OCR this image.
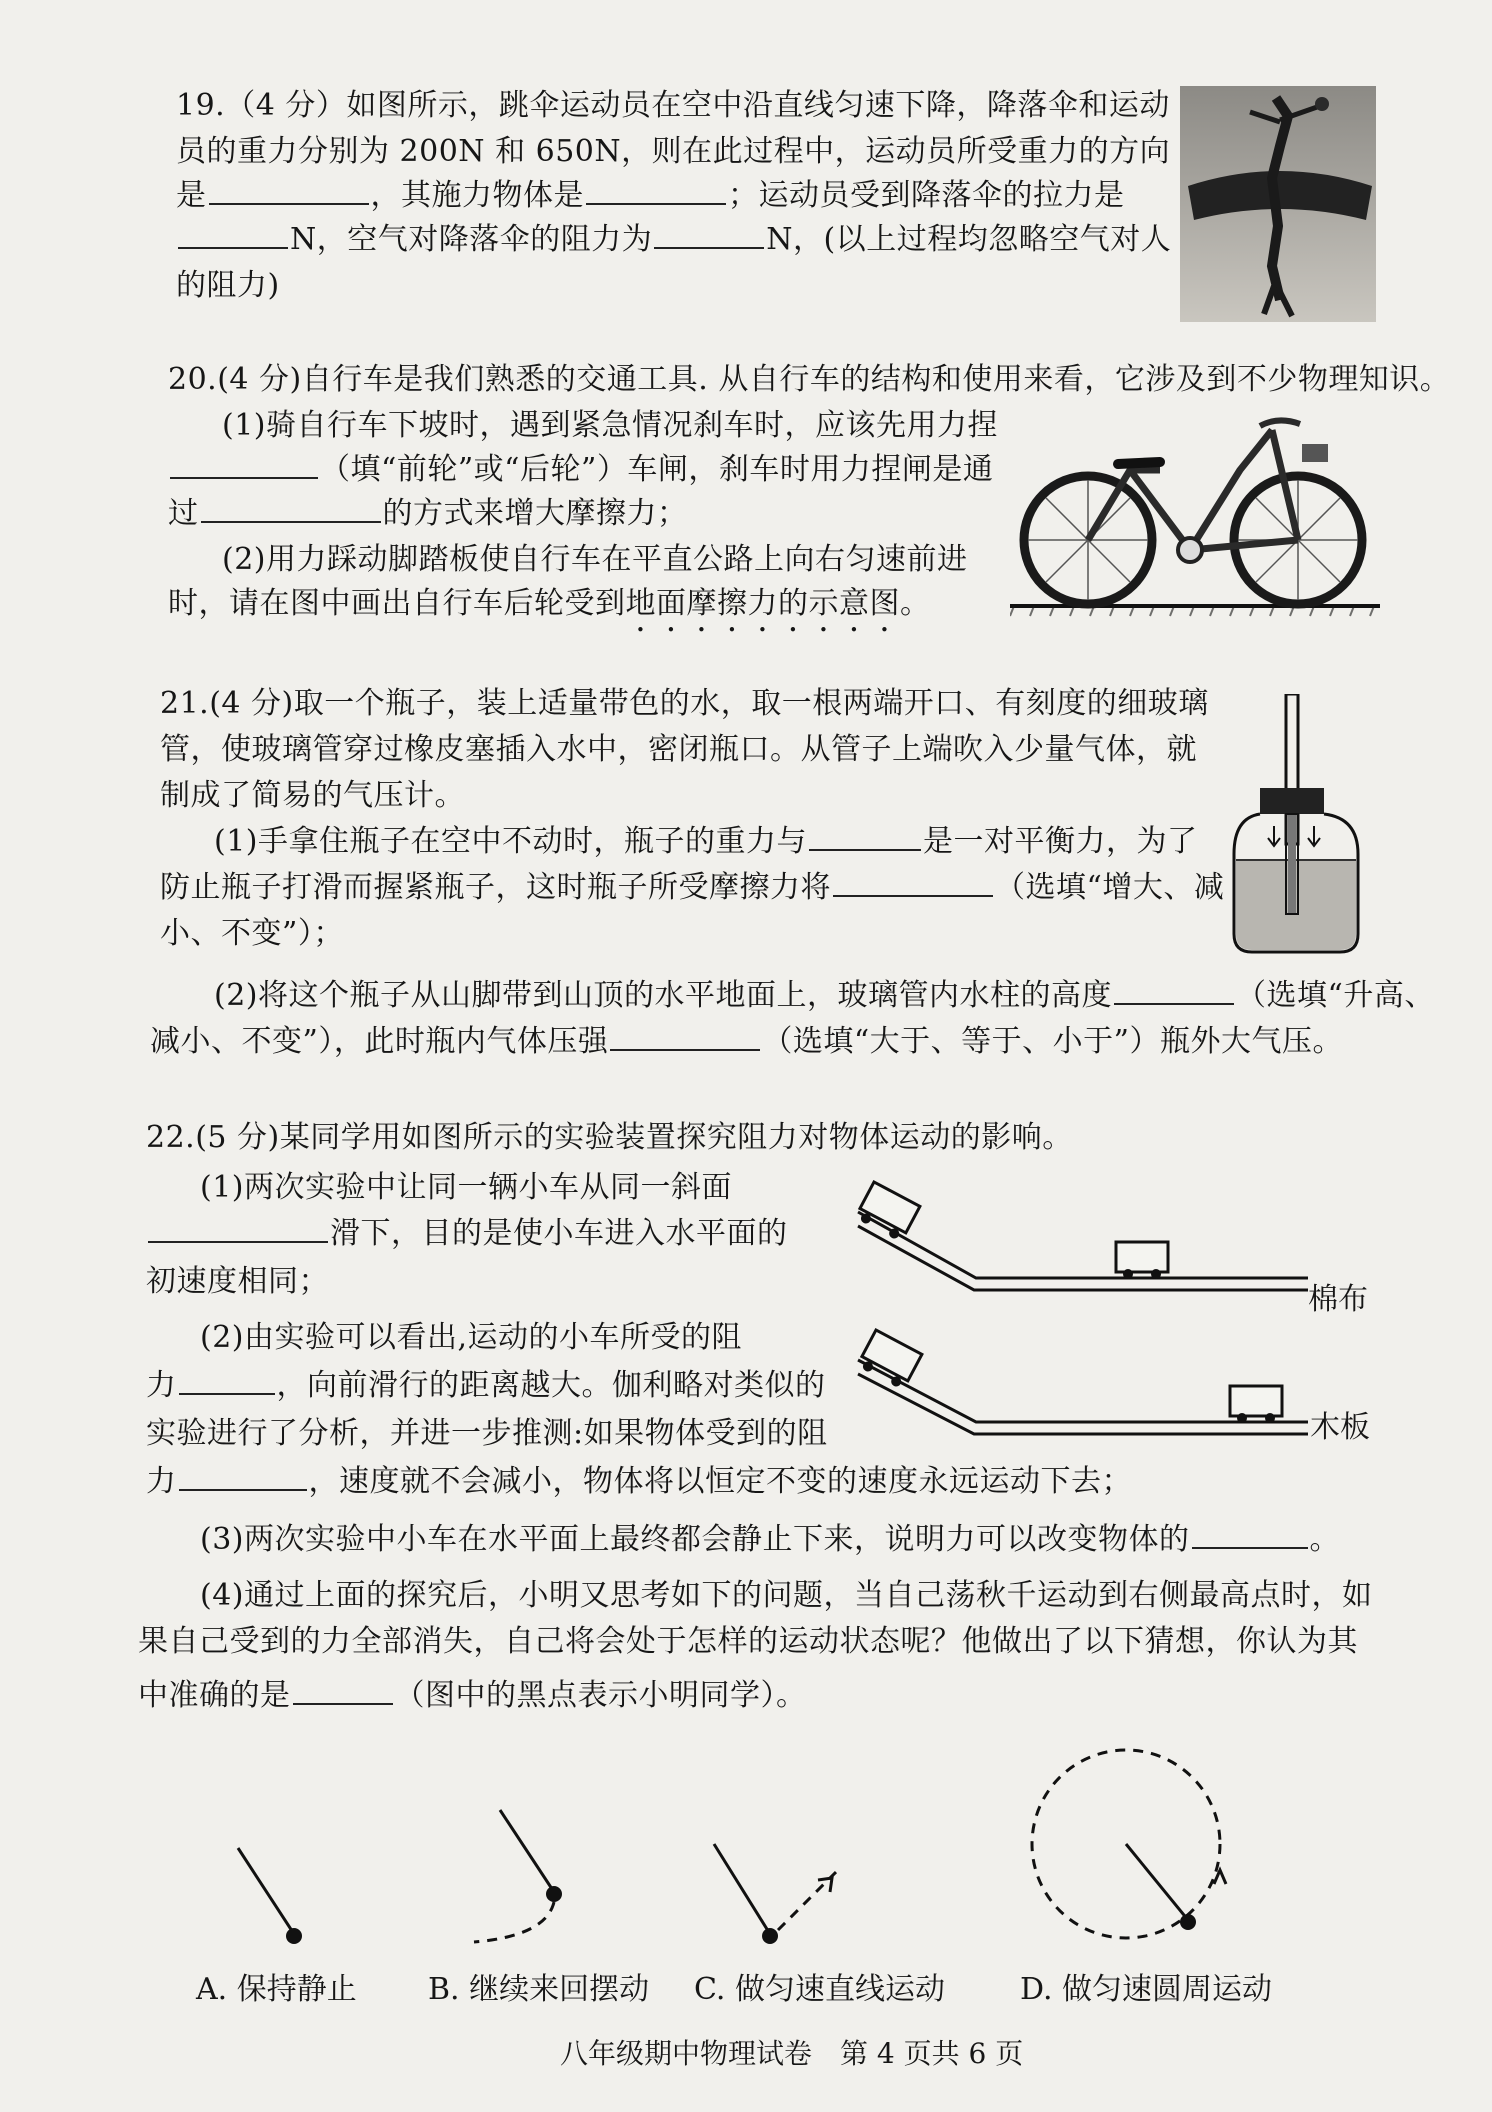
19.（4 分）如图所示，跳伞运动员在空中沿直线匀速下降，降落伞和运动
员的重力分别为 200N 和 650N，则在此过程中，运动员所受重力的方向
是	，其施力物体是	；运动员受到降落伞的拉力是
N，空气对降落伞的阻力为	N，(以上过程均忽略空气对人
的阻力)
20.(4 分)自行车是我们熟悉的交通工具. 从自行车的结构和使用来看，它涉及到不少物理知识。
(1)骑自行车下坡时，遇到紧急情况刹车时，应该先用力捏
（填“前轮”或“后轮”）车闸，刹车时用力捏闸是通
过	的方式来增大摩擦力；
(2)用力踩动脚踏板使自行车在平直公路上向右匀速前进
时，请在图中画出自行车后轮受到地面摩擦力的示意图。
21.(4 分)取一个瓶子，装上适量带色的水，取一根两端开口、有刻度的细玻璃
管，使玻璃管穿过橡皮塞插入水中，密闭瓶口。从管子上端吹入少量气体，就
制成了简易的气压计。
(1)手拿住瓶子在空中不动时，瓶子的重力与	是一对平衡力，为了
防止瓶子打滑而握紧瓶子，这时瓶子所受摩擦力将	（选填“增大、减
小、不变”）；
(2)将这个瓶子从山脚带到山顶的水平地面上，玻璃管内水柱的高度	（选填“升高、
减小、不变”），此时瓶内气体压强	（选填“大于、等于、小于”）瓶外大气压。
22.(5 分)某同学用如图所示的实验装置探究阻力对物体运动的影响。
(1)两次实验中让同一辆小车从同一斜面
滑下，目的是使小车进入水平面的
初速度相同；
(2)由实验可以看出,运动的小车所受的阻
力	，向前滑行的距离越大。伽利略对类似的
实验进行了分析，并进一步推测:如果物体受到的阻
力	，速度就不会减小，物体将以恒定不变的速度永远运动下去；
(3)两次实验中小车在水平面上最终都会静止下来，说明力可以改变物体的	。
(4)通过上面的探究后，小明又思考如下的问题，当自己荡秋千运动到右侧最高点时，如
果自己受到的力全部消失，自己将会处于怎样的运动状态呢？他做出了以下猜想，你认为其
中准确的是	（图中的黑点表示小明同学）。
棉布
木板
A. 保持静止 B. 继续来回摆动 C. 做匀速直线运动	D. 做匀速圆周运动
八年级期中物理试卷　第 4 页共 6 页
